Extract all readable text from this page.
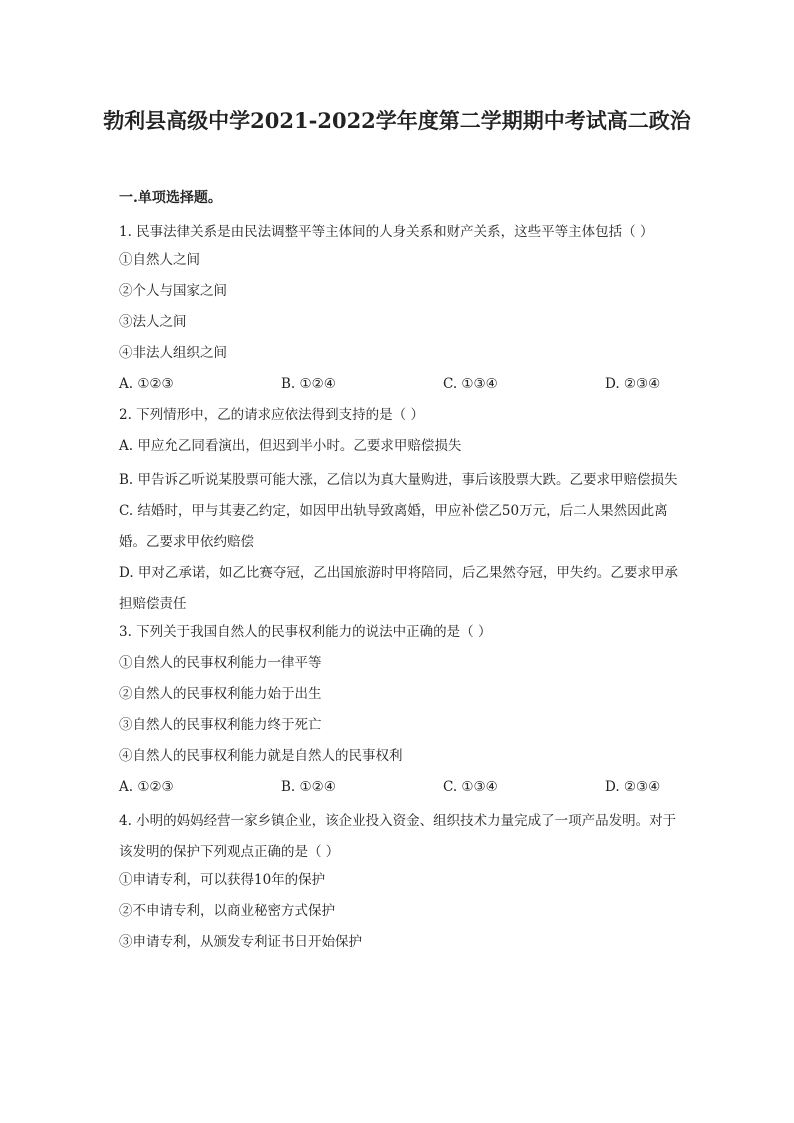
勃利县高级中学2021-2022学年度第二学期期中考试高二政治
一.单项选择题。
1. 民事法律关系是由民法调整平等主体间的人身关系和财产关系，这些平等主体包括（ ）
①自然人之间
②个人与国家之间
③法人之间
④非法人组织之间
A. ①②③	B. ①②④	C. ①③④	D. ②③④
2. 下列情形中，乙的请求应依法得到支持的是（ ）
A. 甲应允乙同看演出，但迟到半小时。乙要求甲赔偿损失
B. 甲告诉乙听说某股票可能大涨，乙信以为真大量购进，事后该股票大跌。乙要求甲赔偿损失
C. 结婚时，甲与其妻乙约定，如因甲出轨导致离婚，甲应补偿乙50万元，后二人果然因此离婚。乙要求甲依约赔偿
D. 甲对乙承诺，如乙比赛夺冠，乙出国旅游时甲将陪同，后乙果然夺冠，甲失约。乙要求甲承担赔偿责任
3. 下列关于我国自然人的民事权利能力的说法中正确的是（ ）
①自然人的民事权利能力一律平等
②自然人的民事权利能力始于出生
③自然人的民事权利能力终于死亡
④自然人的民事权利能力就是自然人的民事权利
A. ①②③	B. ①②④	C. ①③④	D. ②③④
4. 小明的妈妈经营一家乡镇企业，该企业投入资金、组织技术力量完成了一项产品发明。对于该发明的保护下列观点正确的是（ ）
①申请专利，可以获得10年的保护
②不申请专利，以商业秘密方式保护
③申请专利，从颁发专利证书日开始保护
